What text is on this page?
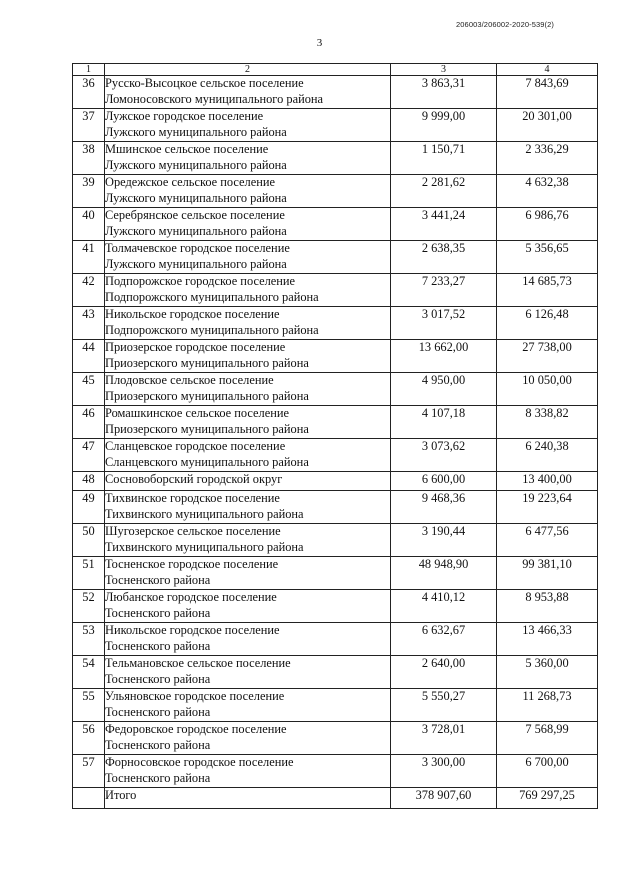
206003/206002-2020-539(2)
3
1	2	3	4
36	Русско-Высоцкое сельское поселение
Ломоносовского муниципального района	3 863,31	7 843,69
37	Лужское городское поселение
Лужского муниципального района	9 999,00	20 301,00
38	Мшинское сельское поселение
Лужского муниципального района	1 150,71	2 336,29
39	Оредежское сельское поселение
Лужского муниципального района	2 281,62	4 632,38
40	Серебрянское сельское поселение
Лужского муниципального района	3 441,24	6 986,76
41	Толмачевское городское поселение
Лужского муниципального района	2 638,35	5 356,65
42	Подпорожское городское поселение
Подпорожского муниципального района	7 233,27	14 685,73
43	Никольское городское поселение
Подпорожского муниципального района	3 017,52	6 126,48
44	Приозерское городское поселение
Приозерского муниципального района	13 662,00	27 738,00
45	Плодовское сельское поселение
Приозерского муниципального района	4 950,00	10 050,00
46	Ромашкинское сельское поселение
Приозерского муниципального района	4 107,18	8 338,82
47	Сланцевское городское поселение
Сланцевского муниципального района	3 073,62	6 240,38
48	Сосновоборский городской округ	6 600,00	13 400,00
49	Тихвинское городское поселение
Тихвинского муниципального района	9 468,36	19 223,64
50	Шугозерское сельское поселение
Тихвинского муниципального района	3 190,44	6 477,56
51	Тосненское городское поселение
Тосненского района	48 948,90	99 381,10
52	Любанское городское поселение
Тосненского района	4 410,12	8 953,88
53	Никольское городское поселение
Тосненского района	6 632,67	13 466,33
54	Тельмановское сельское поселение
Тосненского района	2 640,00	5 360,00
55	Ульяновское городское поселение
Тосненского района	5 550,27	11 268,73
56	Федоровское городское поселение
Тосненского района	3 728,01	7 568,99
57	Форносовское городское поселение
Тосненского района	3 300,00	6 700,00
	Итого	378 907,60	769 297,25
